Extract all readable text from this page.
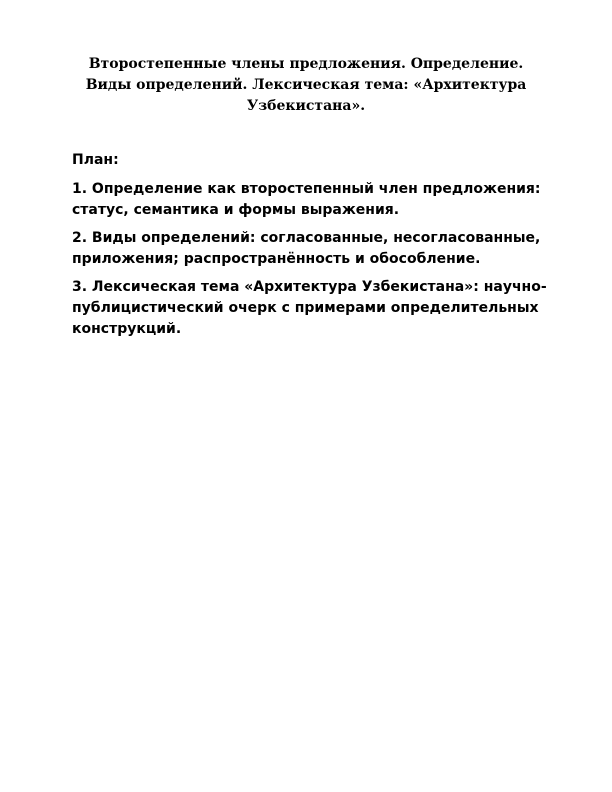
Второстепенные члены предложения. Определение.
Виды определений. Лексическая тема: «Архитектура
Узбекистана».

План:

1. Определение как второстепенный член предложения:
статус, семантика и формы выражения.

2. Виды определений: согласованные, несогласованные,
приложения; распространённость и обособление.

3. Лексическая тема «Архитектура Узбекистана»: научно-
публицистический очерк с примерами определительных
конструкций.
